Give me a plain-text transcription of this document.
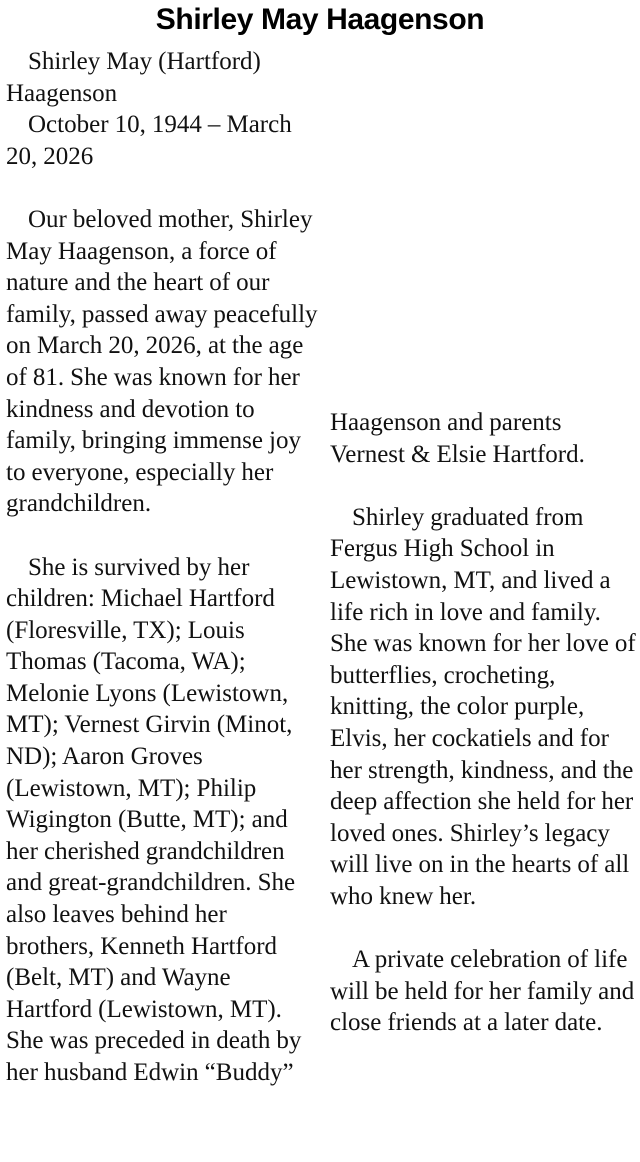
Shirley May Haagenson

Shirley May (Hartford) Haagenson

October 10, 1944 – March 20, 2026

Our beloved mother, Shirley May Haagenson, a force of nature and the heart of our family, passed away peacefully on March 20, 2026, at the age of 81. She was known for her kindness and devotion to family, bringing immense joy to everyone, especially her grandchildren.

She is survived by her children: Michael Hartford (Floresville, TX); Louis Thomas (Tacoma, WA); Melonie Lyons (Lewistown, MT); Vernest Girvin (Minot, ND); Aaron Groves (Lewistown, MT); Philip Wigington (Butte, MT); and her cherished grandchildren and great-grandchildren. She also leaves behind her brothers, Kenneth Hartford (Belt, MT) and Wayne Hartford (Lewistown, MT). She was preceded in death by her husband Edwin “Buddy”

Haagenson and parents Vernest & Elsie Hartford.

Shirley graduated from Fergus High School in Lewistown, MT, and lived a life rich in love and family. She was known for her love of butterflies, crocheting, knitting, the color purple, Elvis, her cockatiels and for her strength, kindness, and the deep affection she held for her loved ones. Shirley’s legacy will live on in the hearts of all who knew her.

A private celebration of life will be held for her family and close friends at a later date.
